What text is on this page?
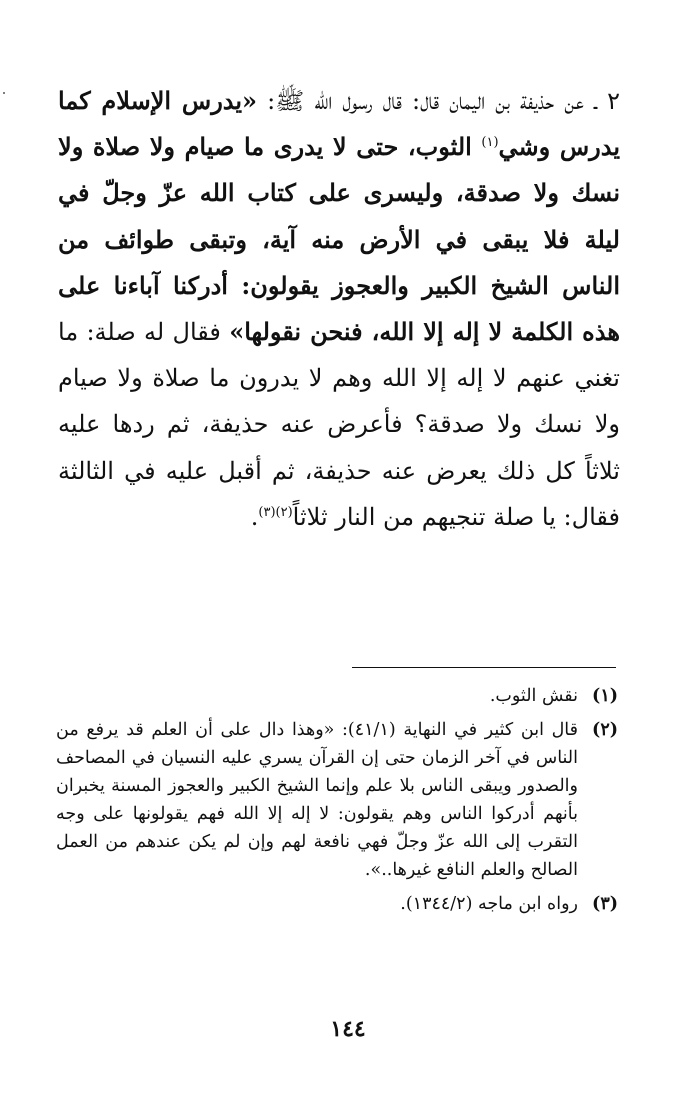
٢ ـ عن حذيفة بن اليمان قال: قال رسول الله ﷺ: «يدرس الإسلام كما يدرس وشي$^{(١)}$ الثوب، حتى لا يدرى ما صيام ولا صلاة ولا نسك ولا صدقة، وليسرى على كتاب الله عزّ وجلّ في ليلة فلا يبقى في الأرض منه آية، وتبقى طوائف من الناس الشيخ الكبير والعجوز يقولون: أدركنا آباءنا على هذه الكلمة لا إله إلا الله، فنحن نقولها» فقال له صلة: ما تغني عنهم لا إله إلا الله وهم لا يدرون ما صلاة ولا صيام ولا نسك ولا صدقة؟ فأعرض عنه حذيفة، ثم ردها عليه ثلاثاً كل ذلك يعرض عنه حذيفة، ثم أقبل عليه في الثالثة فقال: يا صلة تنجيهم من النار ثلاثاً$^{(٢)(٣)}$.

(١)
نقش الثوب.
(٢)
قال ابن كثير في النهاية (٤١/١): «وهذا دال على أن العلم قد يرفع من الناس في آخر الزمان حتى إن القرآن يسري عليه النسيان في المصاحف والصدور ويبقى الناس بلا علم وإنما الشيخ الكبير والعجوز المسنة يخبران بأنهم أدركوا الناس وهم يقولون: لا إله إلا الله فهم يقولونها على وجه التقرب إلى الله عزّ وجلّ فهي نافعة لهم وإن لم يكن عندهم من العمل الصالح والعلم النافع غيرها..».
(٣)
رواه ابن ماجه (١٣٤٤/٢).
١٤٤
